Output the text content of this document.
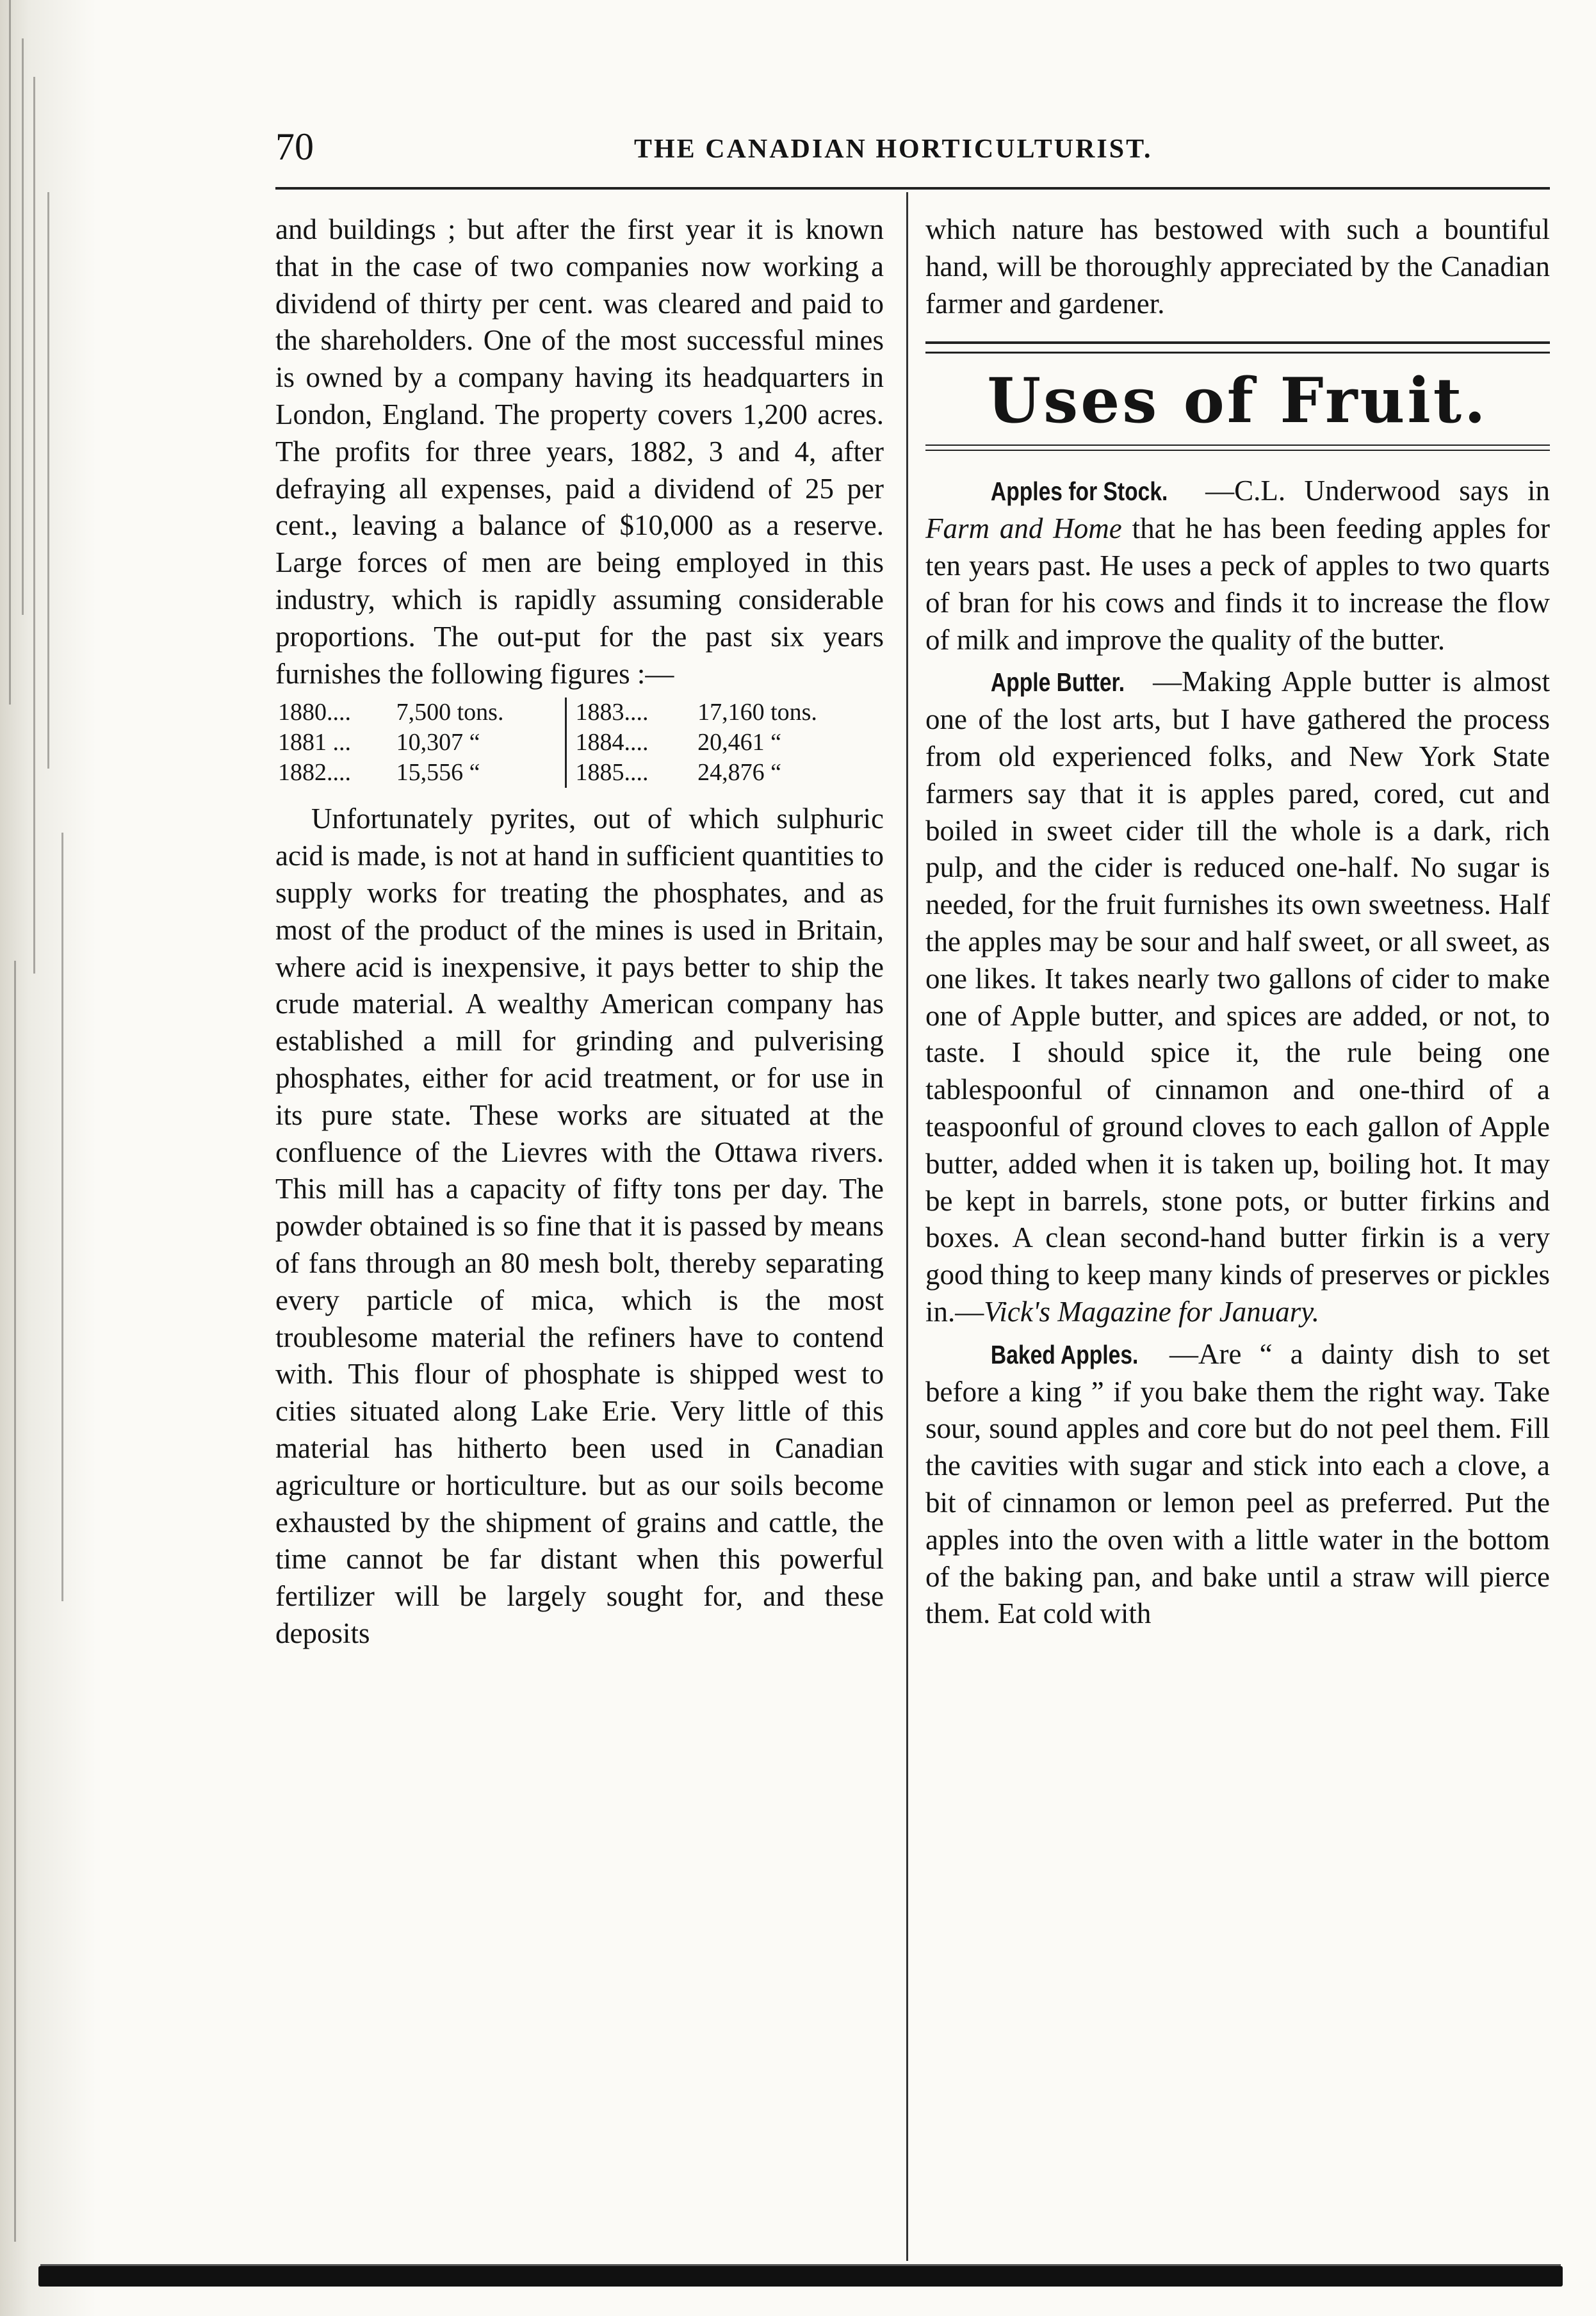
70	THE CANADIAN HORTICULTURIST.

and buildings ; but after the first year it is known that in the case of two companies now working a dividend of thirty per cent. was cleared and paid to the shareholders. One of the most successful mines is owned by a company having its headquarters in London, England. The property covers 1,200 acres. The profits for three years, 1882, 3 and 4, after defraying all expenses, paid a dividend of 25 per cent., leaving a balance of $10,000 as a reserve. Large forces of men are being employed in this industry, which is rapidly assuming considerable proportions. The out-put for the past six years furnishes the following figures :—

1880....	7,500 tons.	1883....	17,160 tons.
1881 ...	10,307 “	1884....	20,461 “
1882....	15,556 “	1885....	24,876 “

Unfortunately pyrites, out of which sulphuric acid is made, is not at hand in sufficient quantities to supply works for treating the phosphates, and as most of the product of the mines is used in Britain, where acid is inexpensive, it pays better to ship the crude material. A wealthy American company has established a mill for grinding and pulverising phosphates, either for acid treatment, or for use in its pure state. These works are situated at the confluence of the Lievres with the Ottawa rivers. This mill has a capacity of fifty tons per day. The powder obtained is so fine that it is passed by means of fans through an 80 mesh bolt, thereby separating every particle of mica, which is the most troublesome material the refiners have to contend with. This flour of phosphate is shipped west to cities situated along Lake Erie. Very little of this material has hitherto been used in Canadian agriculture or horticulture. but as our soils become exhausted by the shipment of grains and cattle, the time cannot be far distant when this powerful fertilizer will be largely sought for, and these deposits

which nature has bestowed with such a bountiful hand, will be thoroughly appreciated by the Canadian farmer and gardener.

Uses of Fruit.

Apples for Stock. —C.L. Underwood says in Farm and Home that he has been feeding apples for ten years past. He uses a peck of apples to two quarts of bran for his cows and finds it to increase the flow of milk and improve the quality of the butter.

Apple Butter. —Making Apple butter is almost one of the lost arts, but I have gathered the process from old experienced folks, and New York State farmers say that it is apples pared, cored, cut and boiled in sweet cider till the whole is a dark, rich pulp, and the cider is reduced one-half. No sugar is needed, for the fruit furnishes its own sweetness. Half the apples may be sour and half sweet, or all sweet, as one likes. It takes nearly two gallons of cider to make one of Apple butter, and spices are added, or not, to taste. I should spice it, the rule being one tablespoonful of cinnamon and one-third of a teaspoonful of ground cloves to each gallon of Apple butter, added when it is taken up, boiling hot. It may be kept in barrels, stone pots, or butter firkins and boxes. A clean second-hand butter firkin is a very good thing to keep many kinds of preserves or pickles in.—Vick's Magazine for January.

Baked Apples. —Are “ a dainty dish to set before a king ” if you bake them the right way. Take sour, sound apples and core but do not peel them. Fill the cavities with sugar and stick into each a clove, a bit of cinnamon or lemon peel as preferred. Put the apples into the oven with a little water in the bottom of the baking pan, and bake until a straw will pierce them. Eat cold with
